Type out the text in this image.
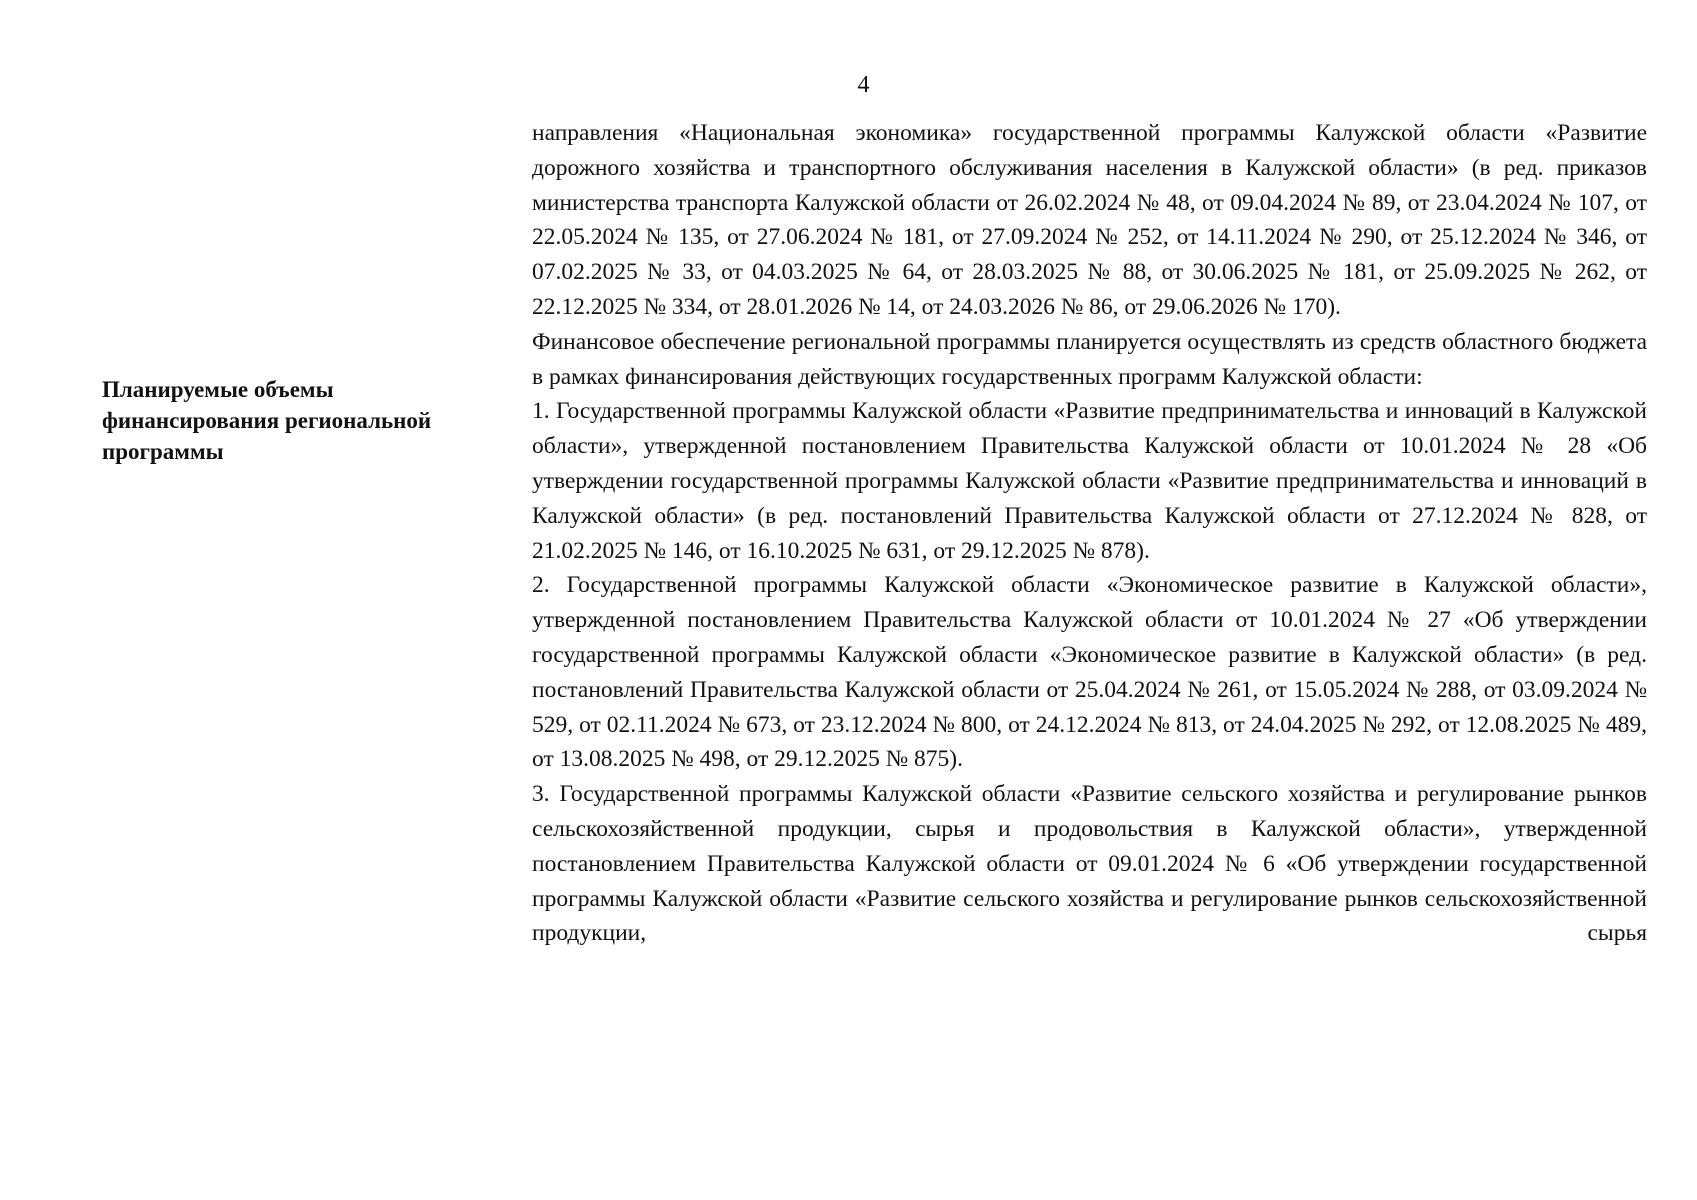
4
Планируемые объемы
финансирования региональной
программы

направления «Национальная экономика» государственной программы Калужской области «Развитие дорожного хозяйства и транспортного обслуживания населения в Калужской области» (в ред. приказов министерства транспорта Калужской области от 26.02.2024 № 48, от 09.04.2024 № 89, от 23.04.2024 № 107, от 22.05.2024 № 135, от 27.06.2024 № 181, от 27.09.2024 № 252, от 14.11.2024 № 290, от 25.12.2024 № 346, от 07.02.2025 № 33, от 04.03.2025 № 64, от 28.03.2025 № 88, от 30.06.2025 № 181, от 25.09.2025 № 262, от 22.12.2025 № 334, от 28.01.2026 № 14, от 24.03.2026 № 86, от 29.06.2026 № 170).

Финансовое обеспечение региональной программы планируется осуществлять из средств областного бюджета в рамках финансирования действующих государственных программ Калужской области:

1. Государственной программы Калужской области «Развитие предпринимательства и инноваций в Калужской области», утвержденной постановлением Правительства Калужской области от 10.01.2024 № 28 «Об утверждении государственной программы Калужской области «Развитие предпринимательства и инноваций в Калужской области» (в ред. постановлений Правительства Калужской области от 27.12.2024 № 828, от 21.02.2025 № 146, от 16.10.2025 № 631, от 29.12.2025 № 878).

2. Государственной программы Калужской области «Экономическое развитие в Калужской области», утвержденной постановлением Правительства Калужской области от 10.01.2024 № 27 «Об утверждении государственной программы Калужской области «Экономическое развитие в Калужской области» (в ред. постановлений Правительства Калужской области от 25.04.2024 № 261, от 15.05.2024 № 288, от 03.09.2024 № 529, от 02.11.2024 № 673, от 23.12.2024 № 800, от 24.12.2024 № 813, от 24.04.2025 № 292, от 12.08.2025 № 489, от 13.08.2025 № 498, от 29.12.2025 № 875).

3. Государственной программы Калужской области «Развитие сельского хозяйства и регулирование рынков сельскохозяйственной продукции, сырья и продовольствия в Калужской области», утвержденной постановлением Правительства Калужской области от 09.01.2024 № 6 «Об утверждении государственной программы Калужской области «Развитие сельского хозяйства и регулирование рынков сельскохозяйственной продукции, сырья
